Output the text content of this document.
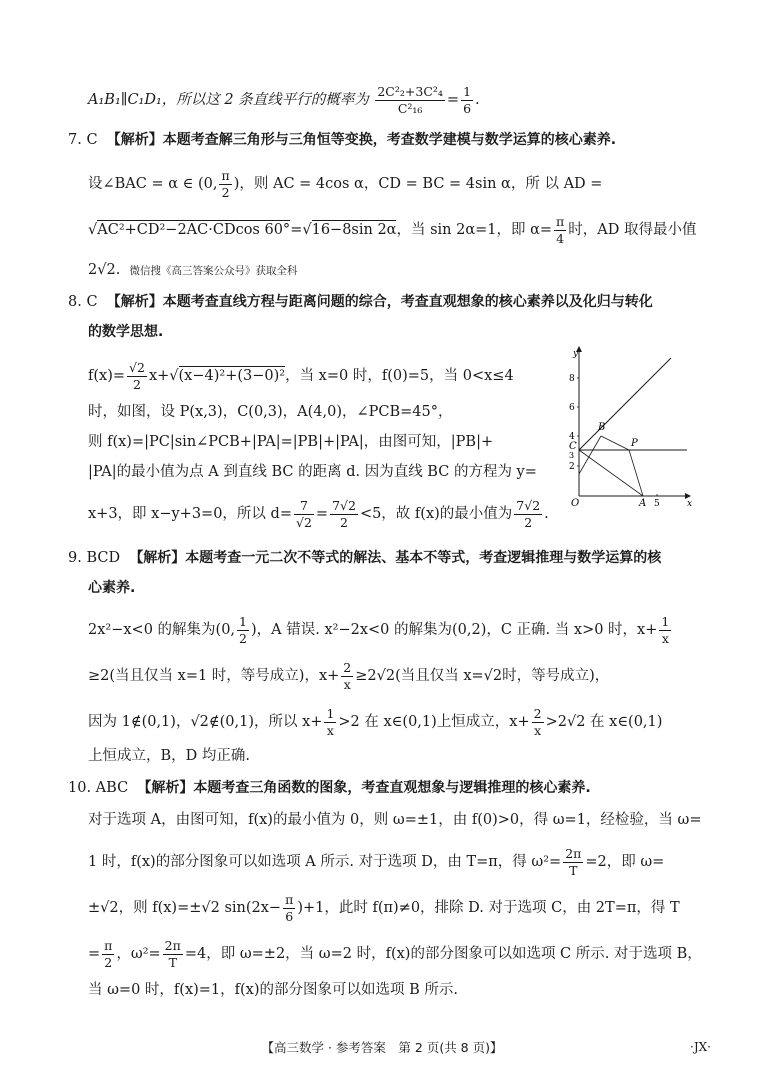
A₁B₁∥C₁D₁，所以这 2 条直线平行的概率为 $\frac{\text{2C²₂+3C²₄}}{\text{C²₁₆}} = \frac{1}{6}$ .
7. C 【解析】本题考查解三角形与三角恒等变换，考查数学建模与数学运算的核心素养.
设∠BAC = α ∈ (0, $\frac{\pi}{2}$ )，则 AC = 4cos α，CD = BC = 4sin α，所 以 AD =
√AC²+CD²−2AC·CDcos 60°=√16−8sin 2α，当 sin 2α=1，即 $\alpha= \frac{\pi}{4}$ 时，AD 取得最小值
2√2. 微信搜《高三答案公众号》获取全科
8. C 【解析】本题考查直线方程与距离问题的综合，考查直观想象的核心素养以及化归与转化
的数学思想.
$f(x)= \frac{√2}{2} x+√(x-4)^2+(3-0)^2$，当 x=0 时，f(0)=5，当 0<x≤4
时，如图，设 P(x,3)，C(0,3)，A(4,0)，∠PCB=45°，
则 f(x)=|PC|sin∠PCB+|PA|=|PB|+|PA|，由图可知，|PB|+
|PA|的最小值为点 A 到直线 BC 的距离 d. 因为直线 BC 的方程为 y=
x+3，即 x−y+3=0，所以 $d= \frac{7}{√2} = \frac{7√2}{2} <5$，故 f(x)的最小值为 $\frac{7√2}{2}$ .
y
x
O
8
6
4
2
5
B
P
C
3
A
9. BCD 【解析】本题考查一元二次不等式的解法、基本不等式，考查逻辑推理与数学运算的核
心素养.
2x²−x<0 的解集为(0, $\frac{1}{2}$ )，A 错误. x²−2x<0 的解集为(0,2)，C 正确. 当 x>0 时，$x+ \frac{1}{x}$
≥2(当且仅当 x=1 时，等号成立)，$x+ \frac{2}{x} \ge 2√2$(当且仅当 x=√2时，等号成立)，
因为 1∉(0,1)，√2∉(0,1)，所以 $x+ \frac{1}{x} >2$ 在 x∈(0,1)上恒成立，$x+ \frac{2}{x} >2√2$ 在 x∈(0,1)
上恒成立，B，D 均正确.
10. ABC 【解析】本题考查三角函数的图象，考查直观想象与逻辑推理的核心素养.
对于选项 A，由图可知，f(x)的最小值为 0，则 ω=±1，由 f(0)>0，得 ω=1，经检验，当 ω=
1 时，f(x)的部分图象可以如选项 A 所示. 对于选项 D，由 T=π，得 $\omega^2= \frac{2\pi}{T} =2$，即 ω=
±√2，则 f(x)=±√2 $\sin(2x- \frac{\pi}{6} )+1$，此时 f(π)≠0，排除 D. 对于选项 C，由 2T=π，得 T
= $\frac{\pi}{2}$ ，$\omega^2= \frac{2\pi}{T} =4$，即 ω=±2，当 ω=2 时，f(x)的部分图象可以如选项 C 所示. 对于选项 B，
当 ω=0 时，f(x)=1，f(x)的部分图象可以如选项 B 所示.
【高三数学 · 参考答案　第 2 页(共 8 页)】	·JX·
